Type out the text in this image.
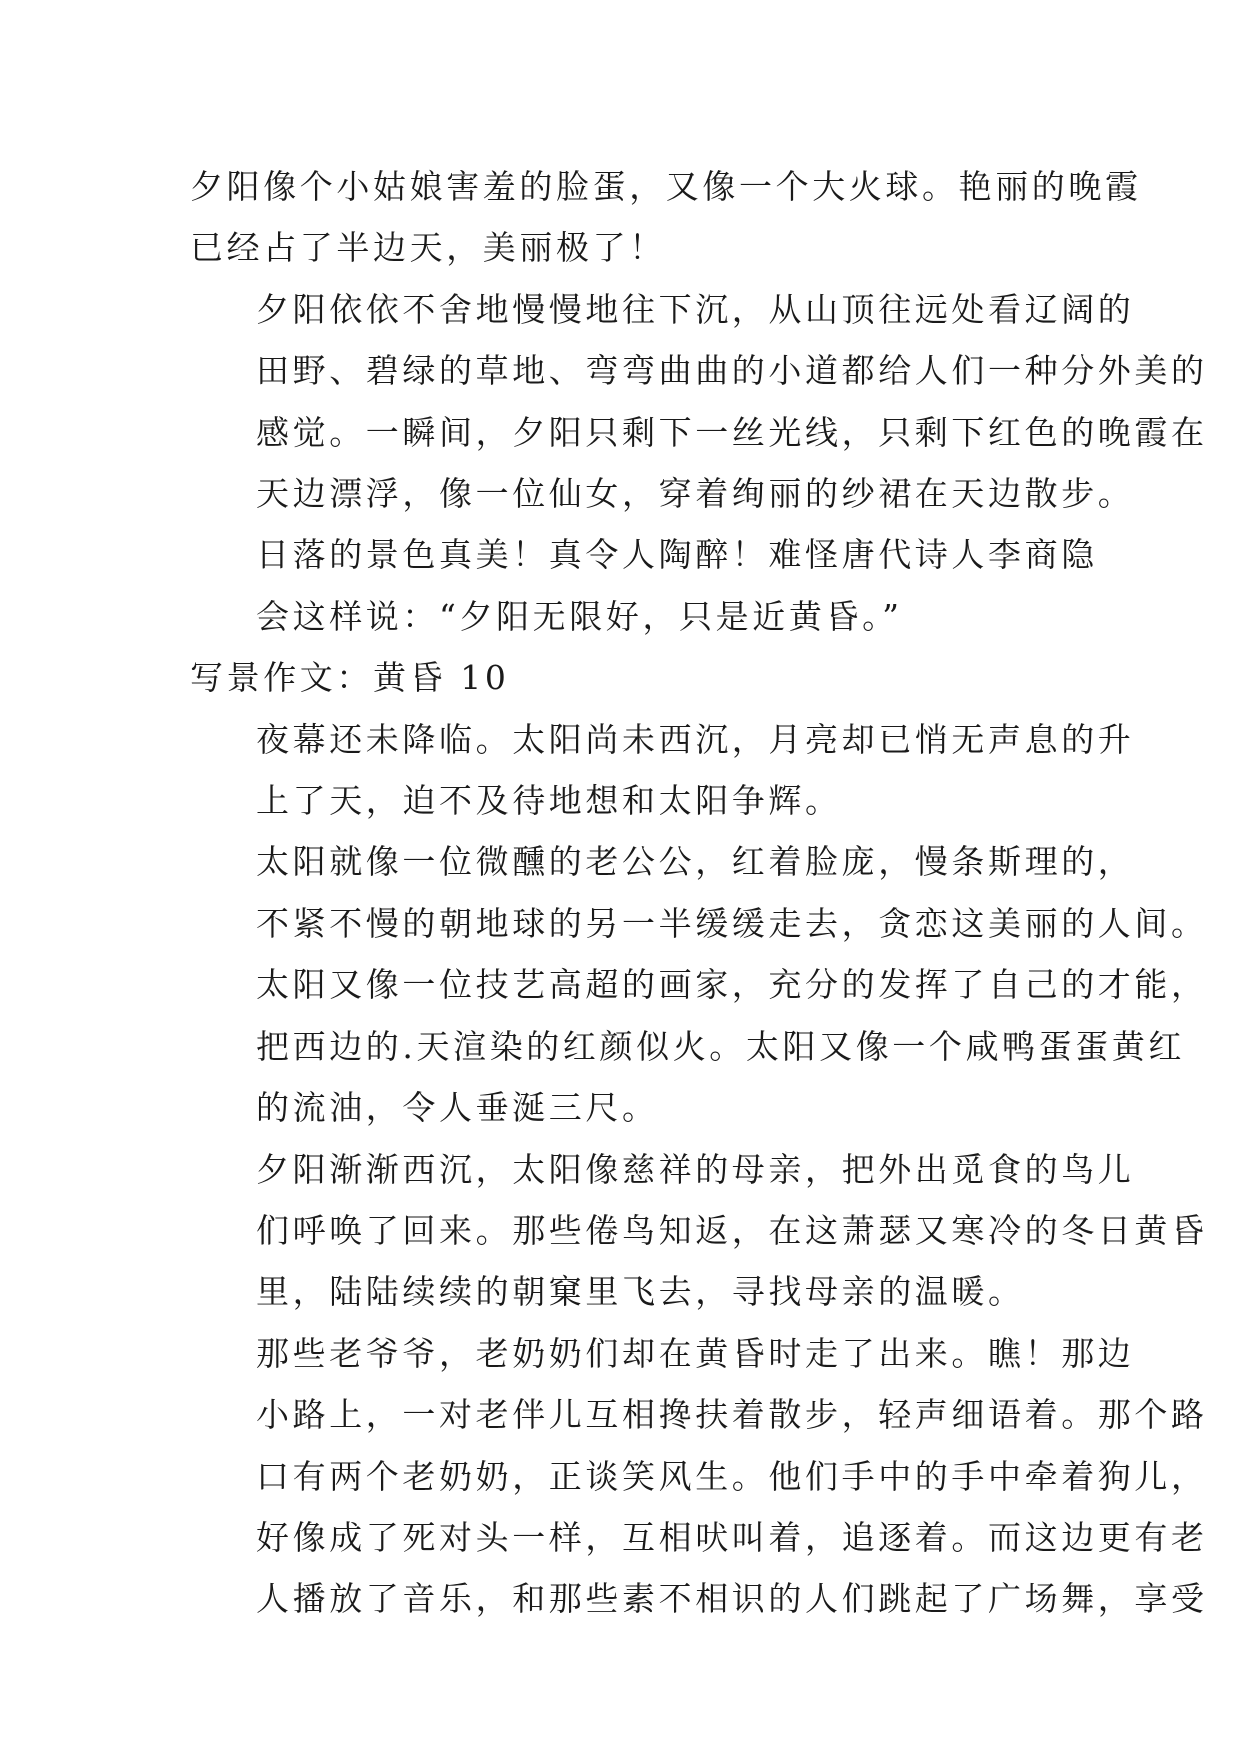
夕阳像个小姑娘害羞的脸蛋，又像一个大火球。艳丽的晚霞
已经占了半边天，美丽极了！

夕阳依依不舍地慢慢地往下沉，从山顶往远处看辽阔的
田野、碧绿的草地、弯弯曲曲的小道都给人们一种分外美的
感觉。一瞬间，夕阳只剩下一丝光线，只剩下红色的晚霞在
天边漂浮，像一位仙女，穿着绚丽的纱裙在天边散步。

日落的景色真美！真令人陶醉！难怪唐代诗人李商隐
会这样说：“夕阳无限好，只是近黄昏。”

写景作文：黄昏 10

夜幕还未降临。太阳尚未西沉，月亮却已悄无声息的升
上了天，迫不及待地想和太阳争辉。

太阳就像一位微醺的老公公，红着脸庞，慢条斯理的，
不紧不慢的朝地球的另一半缓缓走去，贪恋这美丽的人间。
太阳又像一位技艺高超的画家，充分的发挥了自己的才能，
把西边的.天渲染的红颜似火。太阳又像一个咸鸭蛋蛋黄红
的流油，令人垂涎三尺。

夕阳渐渐西沉，太阳像慈祥的母亲，把外出觅食的鸟儿
们呼唤了回来。那些倦鸟知返，在这萧瑟又寒冷的冬日黄昏
里，陆陆续续的朝窠里飞去，寻找母亲的温暖。

那些老爷爷，老奶奶们却在黄昏时走了出来。瞧！那边
小路上，一对老伴儿互相搀扶着散步，轻声细语着。那个路
口有两个老奶奶，正谈笑风生。他们手中的手中牵着狗儿，
好像成了死对头一样，互相吠叫着，追逐着。而这边更有老
人播放了音乐，和那些素不相识的人们跳起了广场舞，享受
